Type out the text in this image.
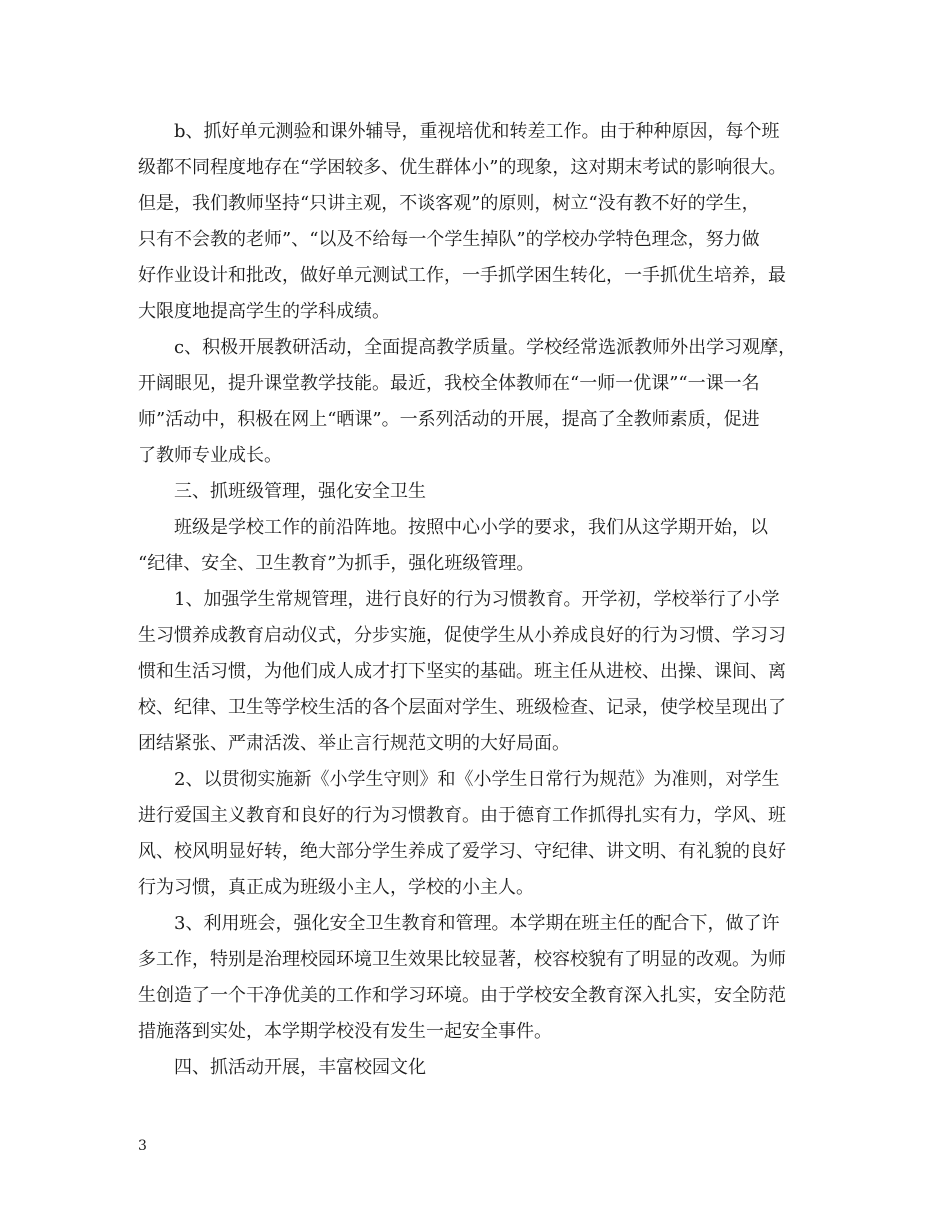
b、抓好单元测验和课外辅导，重视培优和转差工作。由于种种原因，每个班
级都不同程度地存在“学困较多、优生群体小”的现象，这对期末考试的影响很大。
但是，我们教师坚持“只讲主观，不谈客观”的原则，树立“没有教不好的学生，
只有不会教的老师”、“以及不给每一个学生掉队”的学校办学特色理念，努力做
好作业设计和批改，做好单元测试工作，一手抓学困生转化，一手抓优生培养，最
大限度地提高学生的学科成绩。
c、积极开展教研活动，全面提高教学质量。学校经常选派教师外出学习观摩，
开阔眼见，提升课堂教学技能。最近，我校全体教师在“一师一优课”“一课一名
师”活动中，积极在网上“晒课”。一系列活动的开展，提高了全教师素质，促进
了教师专业成长。
三、抓班级管理，强化安全卫生
班级是学校工作的前沿阵地。按照中心小学的要求，我们从这学期开始，以
“纪律、安全、卫生教育”为抓手，强化班级管理。
1、加强学生常规管理，进行良好的行为习惯教育。开学初，学校举行了小学
生习惯养成教育启动仪式，分步实施，促使学生从小养成良好的行为习惯、学习习
惯和生活习惯，为他们成人成才打下坚实的基础。班主任从进校、出操、课间、离
校、纪律、卫生等学校生活的各个层面对学生、班级检查、记录，使学校呈现出了
团结紧张、严肃活泼、举止言行规范文明的大好局面。
2、以贯彻实施新《小学生守则》和《小学生日常行为规范》为准则，对学生
进行爱国主义教育和良好的行为习惯教育。由于德育工作抓得扎实有力，学风、班
风、校风明显好转，绝大部分学生养成了爱学习、守纪律、讲文明、有礼貌的良好
行为习惯，真正成为班级小主人，学校的小主人。
3、利用班会，强化安全卫生教育和管理。本学期在班主任的配合下，做了许
多工作，特别是治理校园环境卫生效果比较显著，校容校貌有了明显的改观。为师
生创造了一个干净优美的工作和学习环境。由于学校安全教育深入扎实，安全防范
措施落到实处，本学期学校没有发生一起安全事件。
四、抓活动开展，丰富校园文化
3
